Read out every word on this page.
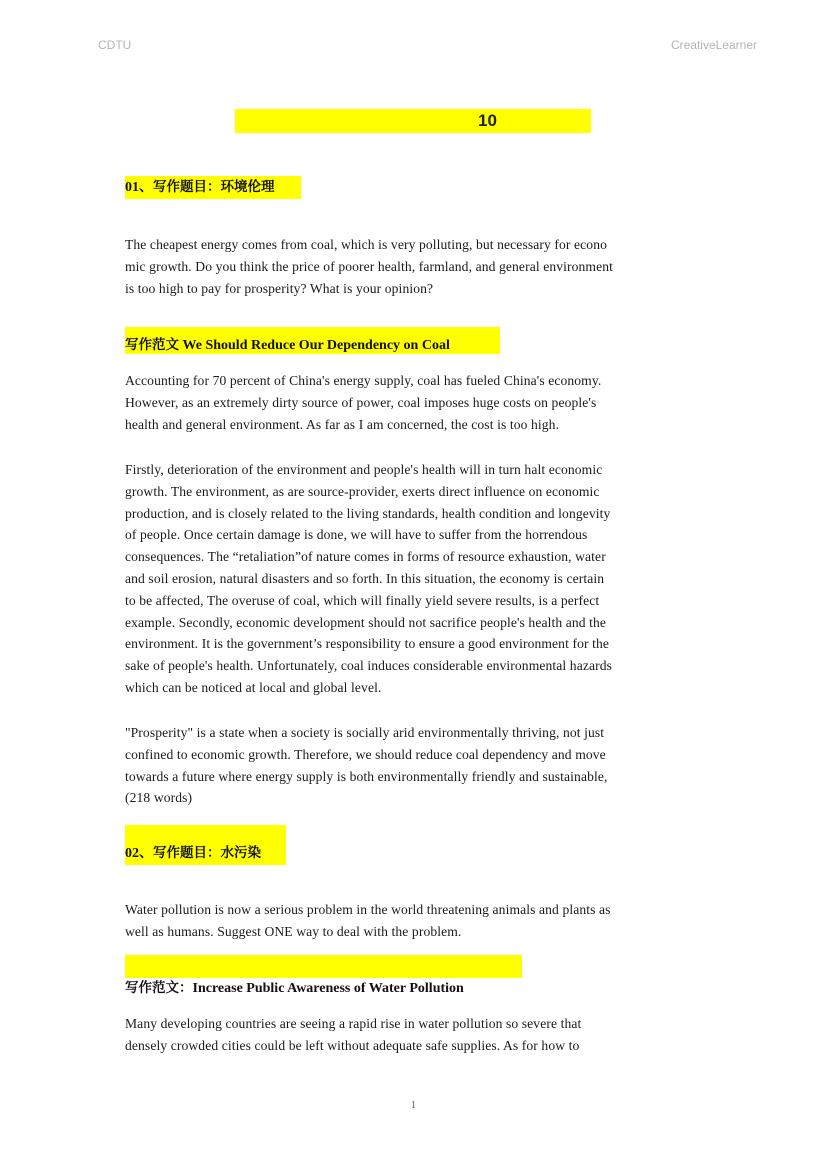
CDTU	CreativeLearner
10
01、写作题目：环境伦理

The cheapest energy comes from coal, which is very polluting, but necessary for econo
mic growth. Do you think the price of poorer health, farmland, and general environment
is too high to pay for prosperity? What is your opinion?

写作范文 We Should Reduce Our Dependency on Coal

Accounting for 70 percent of China's energy supply, coal has fueled China's economy.
However, as an extremely dirty source of power, coal imposes huge costs on people's
health and general environment. As far as I am concerned, the cost is too high.

Firstly, deterioration of the environment and people's health will in turn halt economic
growth. The environment, as are source-provider, exerts direct influence on economic
production, and is closely related to the living standards, health condition and longevity
of people. Once certain damage is done, we will have to suffer from the horrendous
consequences. The “retaliation”of nature comes in forms of resource exhaustion, water
and soil erosion, natural disasters and so forth. In this situation, the economy is certain
to be affected, The overuse of coal, which will finally yield severe results, is a perfect
example. Secondly, economic development should not sacrifice people's health and the
environment. It is the government’s responsibility to ensure a good environment for the
sake of people's health. Unfortunately, coal induces considerable environmental hazards
which can be noticed at local and global level.

"Prosperity" is a state when a society is socially arid environmentally thriving, not just
confined to economic growth. Therefore, we should reduce coal dependency and move
towards a future where energy supply is both environmentally friendly and sustainable,
(218 words)

02、写作题目：水污染

Water pollution is now a serious problem in the world threatening animals and plants as
well as humans. Suggest ONE way to deal with the problem.

写作范文：Increase Public Awareness of Water Pollution

Many developing countries are seeing a rapid rise in water pollution so severe that
densely crowded cities could be left without adequate safe supplies. As for how to

1
